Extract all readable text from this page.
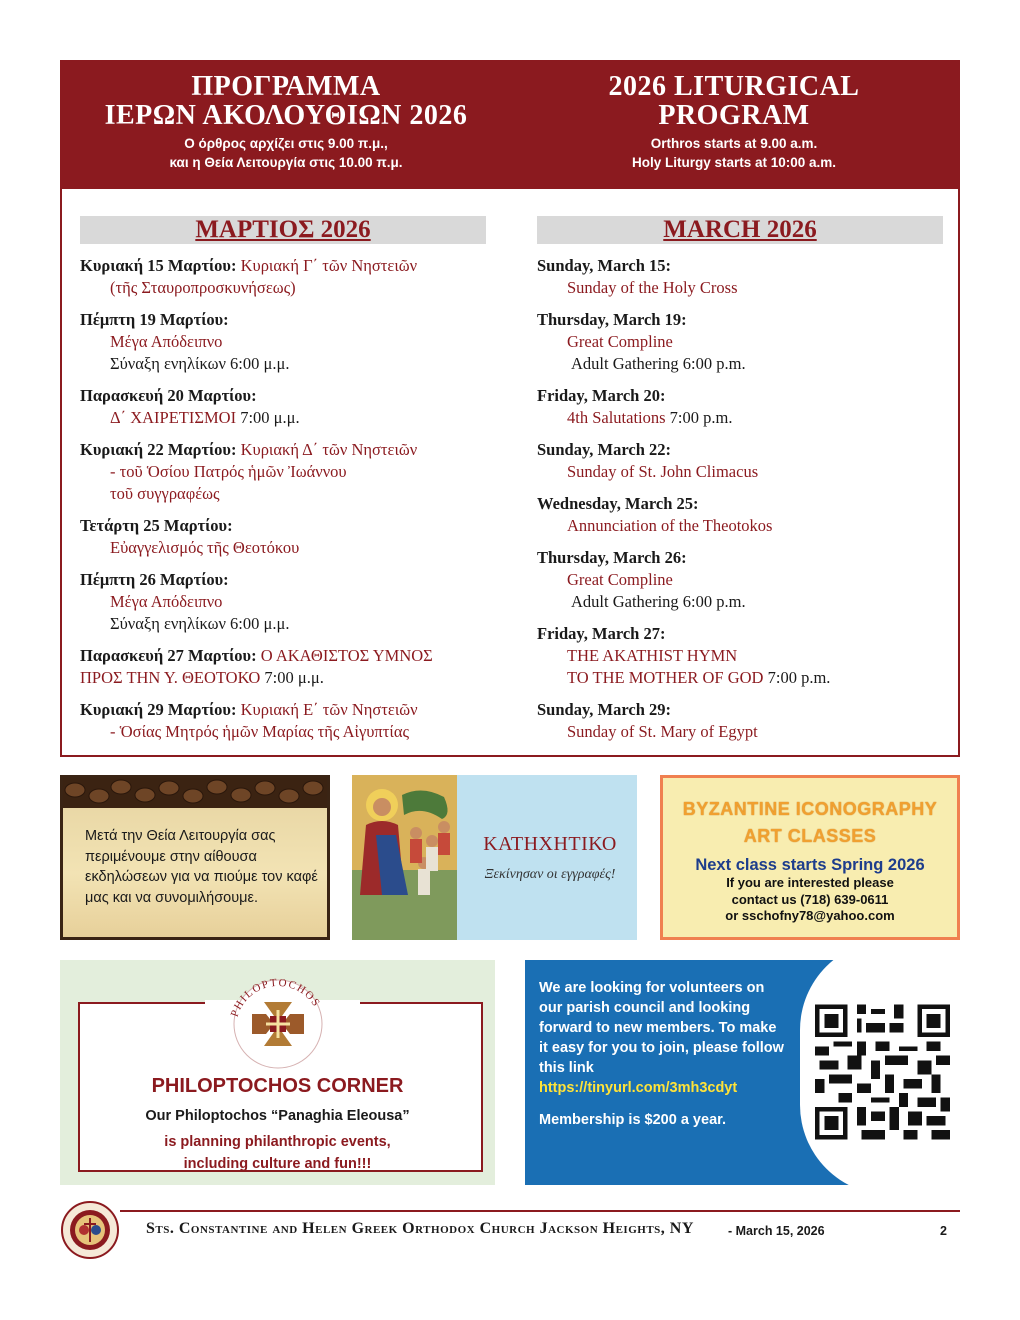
ΠΡΟΓΡΑΜΜΑ
ΙΕΡΩΝ ΑΚΟΛΟΥΘΙΩΝ 2026
Ο όρθρος αρχίζει στις 9.00 π.μ.,
και η Θεία Λειτουργία στις 10.00 π.μ.
2026 LITURGICAL
PROGRAM
Orthros starts at 9.00 a.m.
Holy Liturgy starts at 10:00 a.m.
ΜΑΡΤΙΟΣ 2026	MARCH 2026
Κυριακή 15 Μαρτίου: Κυριακή Γ΄ τῶν Νηστειῶν
(τῆς Σταυροπροσκυνήσεως)
Πέμπτη 19 Μαρτίου:
Μέγα Απόδειπνο
Σύναξη ενηλίκων 6:00 μ.μ.
Παρασκευή 20 Μαρτίου:
Δ΄ ΧΑΙΡΕΤΙΣΜΟΙ 7:00 μ.μ.
Κυριακή 22 Μαρτίου: Κυριακή Δ΄ τῶν Νηστειῶν
- τοῦ Ὁσίου Πατρός ἡμῶν Ἰωάννου
τοῦ συγγραφέως
Τετάρτη 25 Μαρτίου:
Εὐαγγελισμός τῆς Θεοτόκου
Πέμπτη 26 Μαρτίου:
Μέγα Απόδειπνο
Σύναξη ενηλίκων 6:00 μ.μ.
Παρασκευή 27 Μαρτίου: Ο ΑΚΑΘΙΣΤΟΣ ΥΜΝΟΣ
ΠΡΟΣ ΤΗΝ Υ. ΘΕΟΤΟΚΟ 7:00 μ.μ.
Κυριακή 29 Μαρτίου: Κυριακή Ε΄ τῶν Νηστειῶν
- Ὁσίας Μητρός ἡμῶν Μαρίας τῆς Αἰγυπτίας
Sunday, March 15:
Sunday of the Holy Cross
Thursday, March 19:
Great Compline
Adult Gathering 6:00 p.m.
Friday, March 20:
4th Salutations 7:00 p.m.
Sunday, March 22:
Sunday of St. John Climacus
Wednesday, March 25:
Annunciation of the Theotokos
Thursday, March 26:
Great Compline
Adult Gathering 6:00 p.m.
Friday, March 27:
THE AKATHIST HYMN
TO THE MOTHER OF GOD 7:00 p.m.
Sunday, March 29:
Sunday of St. Mary of Egypt
Μετά την Θεία Λειτουργία σας περιμένουμε στην αίθουσα εκδηλώσεων για να πιούμε τον καφέ μας και να συνομιλήσουμε.
ΚΑΤΗΧΗΤΙΚΟ
Ξεκίνησαν οι εγγραφές!
BYZANTINE ICONOGRAPHY
ART CLASSES
Next class starts Spring 2026
If you are interested please
contact us (718) 639-0611
or sschofny78@yahoo.com
PHILOPTOCHOS
PHILOPTOCHOS CORNER
Our Philoptochos “Panaghia Eleousa”
is planning philanthropic events,
including culture and fun!!!
We are looking for volunteers on our parish council and looking forward to new members. To make it easy for you to join, please follow this link
https://tinyurl.com/3mh3cdyt
Membership is $200 a year.
Sts. Constantine and Helen Greek Orthodox Church Jackson Heights, NY	- March 15, 2026	2
